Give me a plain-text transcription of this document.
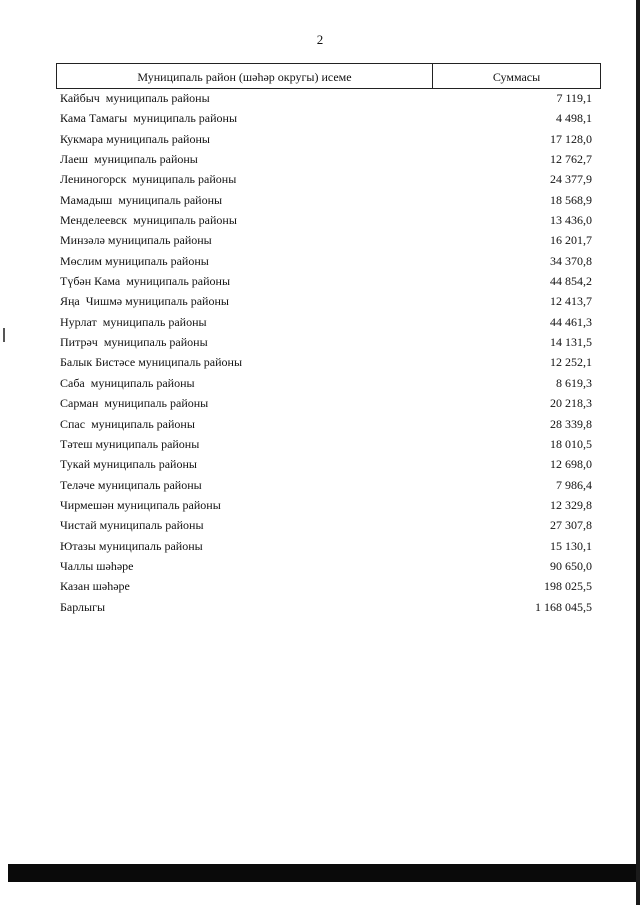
2
Муниципаль район (шәһәр округы) исеме	Суммасы
Кайбыч  муниципаль районы	7 119,1
Кама Тамагы  муниципаль районы	4 498,1
Кукмара муниципаль районы	17 128,0
Лаеш  муниципаль районы	12 762,7
Лениногорск  муниципаль районы	24 377,9
Мамадыш  муниципаль районы	18 568,9
Менделеевск  муниципаль районы	13 436,0
Минзәлә муниципаль районы	16 201,7
Мөслим муниципаль районы	34 370,8
Түбән Кама  муниципаль районы	44 854,2
Яңа  Чишмә муниципаль районы	12 413,7
Нурлат  муниципаль районы	44 461,3
Питрәч  муниципаль районы	14 131,5
Балык Бистәсе муниципаль районы	12 252,1
Саба  муниципаль районы	8 619,3
Сарман  муниципаль районы	20 218,3
Спас  муниципаль районы	28 339,8
Тәтеш муниципаль районы	18 010,5
Тукай муниципаль районы	12 698,0
Теләче муниципаль районы	7 986,4
Чирмешән муниципаль районы	12 329,8
Чистай муниципаль районы	27 307,8
Ютазы муниципаль районы	15 130,1
Чаллы шәһәре	90 650,0
Казан шәһәре	198 025,5
Барлыгы	1 168 045,5
